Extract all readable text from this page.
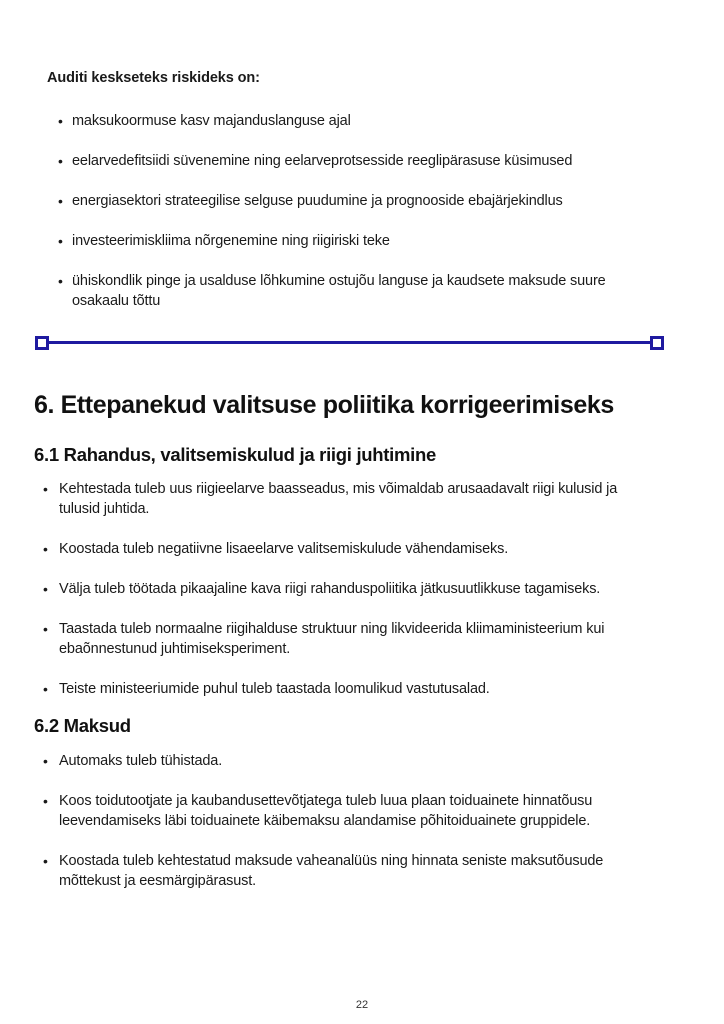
Auditi keskseteks riskideks on:
• maksukoormuse kasv majanduslanguse ajal
• eelarvedefitsiidi süvenemine ning eelarveprotsesside reeglipärasuse küsimused
• energiasektori strateegilise selguse puudumine ja prognooside ebajärjekindlus
• investeerimiskliima nõrgenemine ning riigiriski teke
• ühiskondlik pinge ja usalduse lõhkumine ostujõu languse ja kaudsete maksude suure osakaalu tõttu
6. Ettepanekud valitsuse poliitika korrigeerimiseks
6.1 Rahandus, valitsemiskulud ja riigi juhtimine
• Kehtestada tuleb uus riigieelarve baasseadus, mis võimaldab arusaadavalt riigi kulusid ja tulusid juhtida.
• Koostada tuleb negatiivne lisaeelarve valitsemiskulude vähendamiseks.
• Välja tuleb töötada pikaajaline kava riigi rahanduspoliitika jätkusuutlikkuse tagamiseks.
• Taastada tuleb normaalne riigihalduse struktuur ning likvideerida kliimaministeerium kui ebaõnnestunud juhtimiseksperiment.
• Teiste ministeeriumide puhul tuleb taastada loomulikud vastutusalad.
6.2 Maksud
• Automaks tuleb tühistada.
• Koos toidutootjate ja kaubandusettevõtjatega tuleb luua plaan toiduainete hinnatõusu leevendamiseks läbi toiduainete käibemaksu alandamise põhitoiduainete gruppidele.
• Koostada tuleb kehtestatud maksude vaheanalüüs ning hinnata seniste maksutõusude mõttekust ja eesmärgipärasust.
22
